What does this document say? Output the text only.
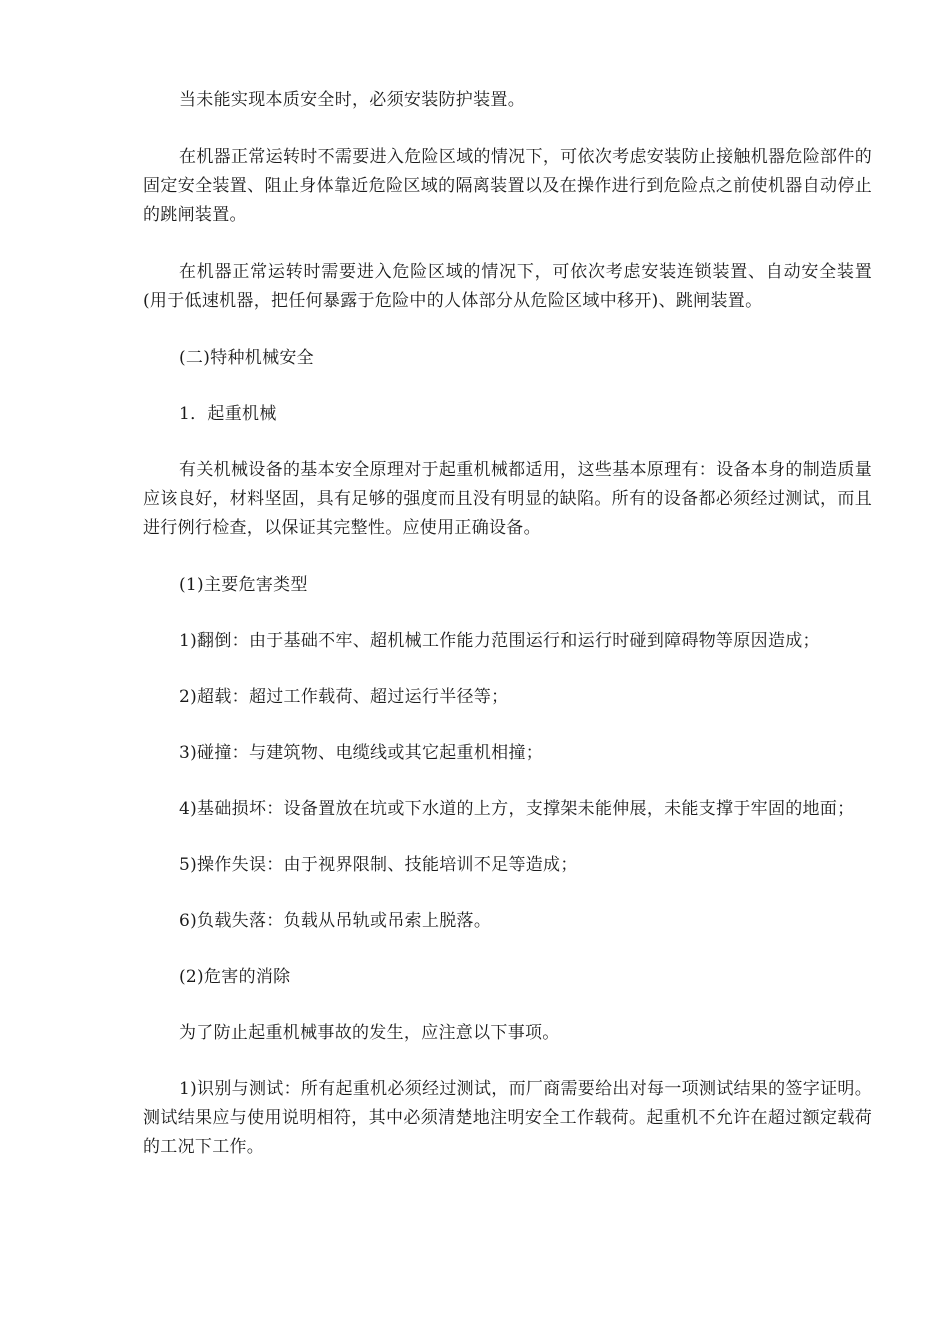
当未能实现本质安全时，必须安装防护装置。

在机器正常运转时不需要进入危险区域的情况下，可依次考虑安装防止接触机器危险部件的固定安全装置、阻止身体靠近危险区域的隔离装置以及在操作进行到危险点之前使机器自动停止的跳闸装置。

在机器正常运转时需要进入危险区域的情况下，可依次考虑安装连锁装置、自动安全装置(用于低速机器，把任何暴露于危险中的人体部分从危险区域中移开)、跳闸装置。

(二)特种机械安全

1．起重机械

有关机械设备的基本安全原理对于起重机械都适用，这些基本原理有：设备本身的制造质量应该良好，材料坚固，具有足够的强度而且没有明显的缺陷。所有的设备都必须经过测试，而且进行例行检查，以保证其完整性。应使用正确设备。

(1)主要危害类型

1)翻倒：由于基础不牢、超机械工作能力范围运行和运行时碰到障碍物等原因造成；

2)超载：超过工作载荷、超过运行半径等；

3)碰撞：与建筑物、电缆线或其它起重机相撞；

4)基础损坏：设备置放在坑或下水道的上方，支撑架未能伸展，未能支撑于牢固的地面；

5)操作失误：由于视界限制、技能培训不足等造成；

6)负载失落：负载从吊轨或吊索上脱落。

(2)危害的消除

为了防止起重机械事故的发生，应注意以下事项。

1)识别与测试：所有起重机必须经过测试，而厂商需要给出对每一项测试结果的签字证明。测试结果应与使用说明相符，其中必须清楚地注明安全工作载荷。起重机不允许在超过额定载荷的工况下工作。
